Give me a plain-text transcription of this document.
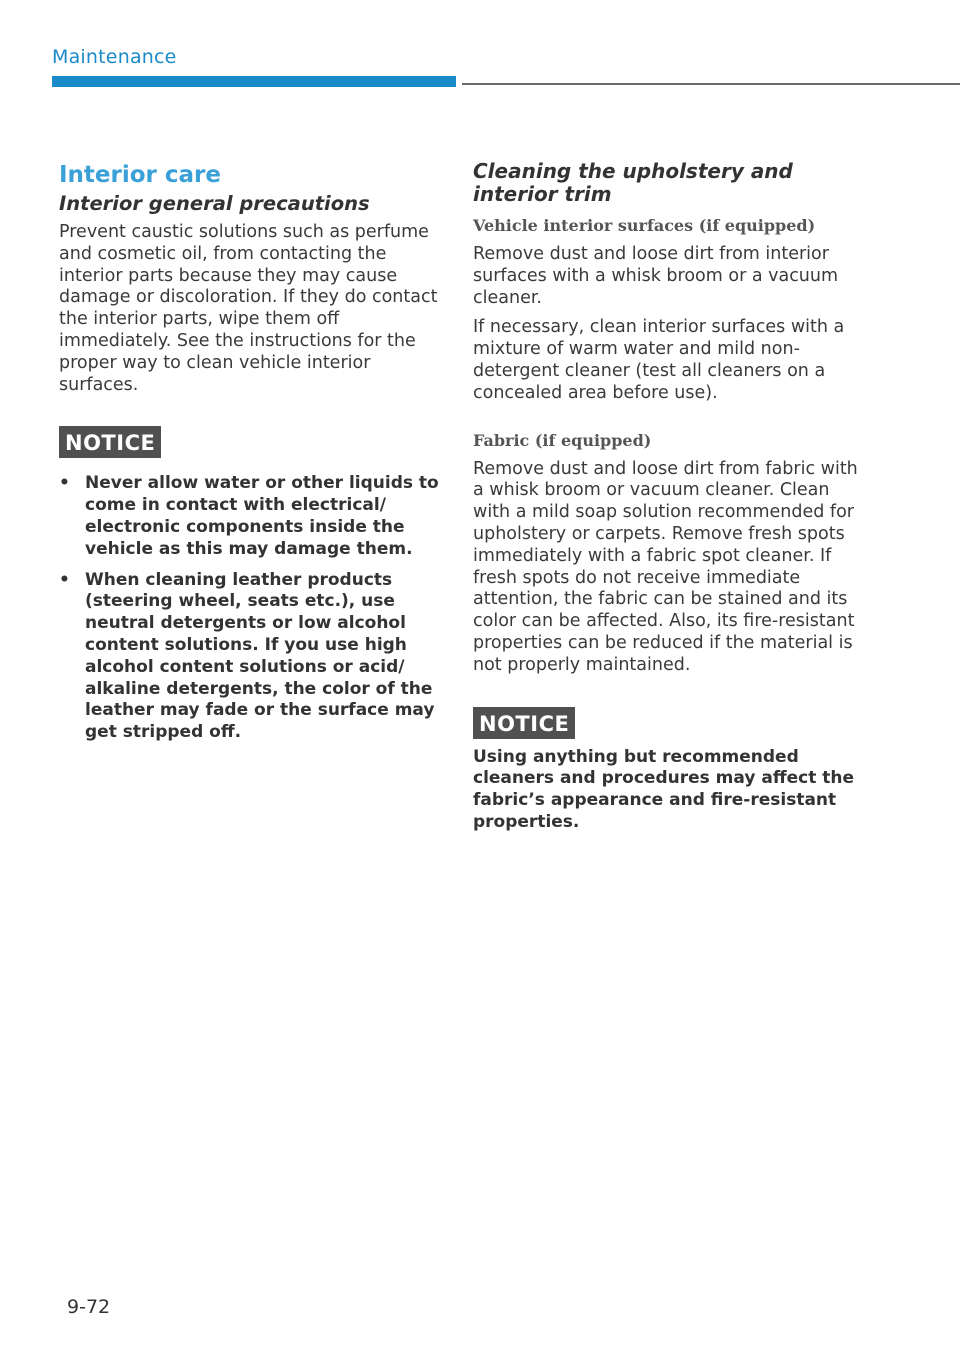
Maintenance
Interior care
Interior general precautions

Prevent caustic solutions such as perfume and cosmetic oil, from contacting the interior parts because they may cause damage or discoloration. If they do contact the interior parts, wipe them off immediately. See the instructions for the proper way to clean vehicle interior surfaces.

NOTICE
• Never allow water or other liquids to come in contact with electrical/ electronic components inside the vehicle as this may damage them.
• When cleaning leather products (steering wheel, seats etc.), use neutral detergents or low alcohol content solutions. If you use high alcohol content solutions or acid/ alkaline detergents, the color of the leather may fade or the surface may get stripped off.
Cleaning the upholstery and interior trim
Vehicle interior surfaces (if equipped)

Remove dust and loose dirt from interior surfaces with a whisk broom or a vacuum cleaner.

If necessary, clean interior surfaces with a mixture of warm water and mild non-detergent cleaner (test all cleaners on a concealed area before use).

Fabric (if equipped)

Remove dust and loose dirt from fabric with a whisk broom or vacuum cleaner. Clean with a mild soap solution recommended for upholstery or carpets. Remove fresh spots immediately with a fabric spot cleaner. If fresh spots do not receive immediate attention, the fabric can be stained and its color can be affected. Also, its fire-resistant properties can be reduced if the material is not properly maintained.

NOTICE

Using anything but recommended cleaners and procedures may affect the fabric’s appearance and fire-resistant properties.

9-72
